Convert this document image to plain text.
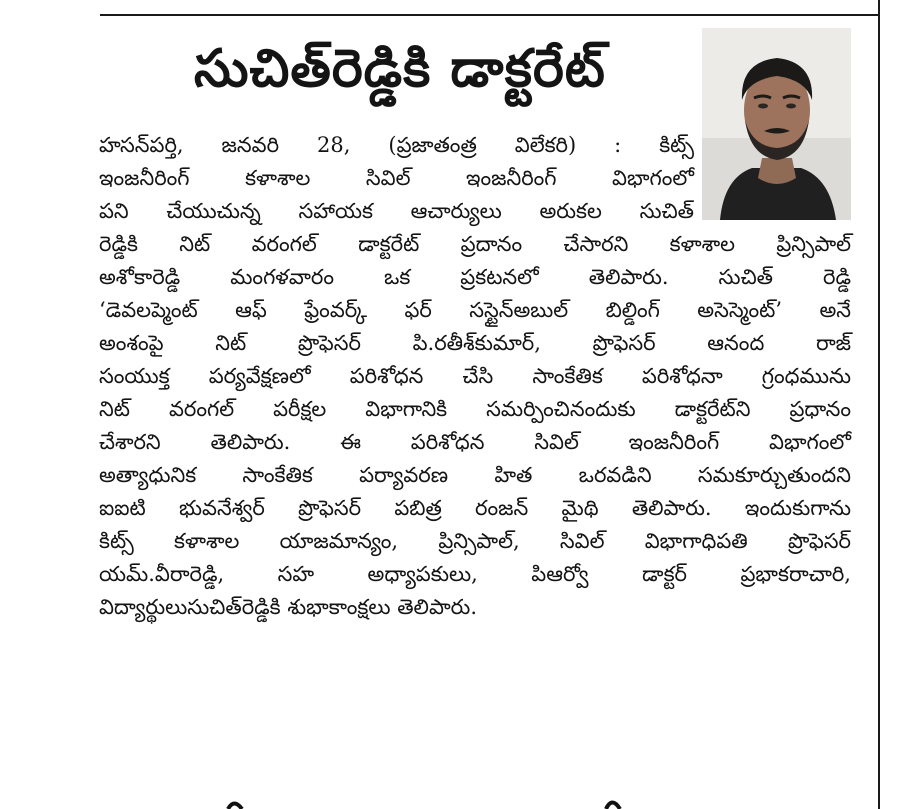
సుచిత్‌రెడ్డికి డాక్టరేట్
హసన్‌పర్తి, జనవరి 28, (ప్రజాతంత్ర విలేకరి) : కిట్స్
ఇంజనీరింగ్ కళాశాల సివిల్ ఇంజనీరింగ్ విభాగంలో
పని చేయుచున్న సహాయక ఆచార్యులు అరుకల సుచిత్
రెడ్డికి నిట్ వరంగల్ డాక్టరేట్ ప్రదానం చేసారని కళాశాల ప్రిన్సిపాల్
అశోకారెడ్డి మంగళవారం ఒక ప్రకటనలో తెలిపారు. సుచిత్ రెడ్డి
‘డెవలప్మెంట్ ఆఫ్ ఫ్రేంవర్క్ ఫర్ సస్టైన్‌అబుల్ బిల్డింగ్ అసెస్మెంట్’ అనే
అంశంపై నిట్ ప్రొఫెసర్ పి.రతీశ్‌కుమార్, ప్రొఫెసర్ ఆనంద రాజ్
సంయుక్త పర్యవేక్షణలో పరిశోధన చేసి సాంకేతిక పరిశోధనా గ్రంధమును
నిట్ వరంగల్ పరీక్షల విభాగానికి సమర్పించినందుకు డాక్టరేట్‌ని ప్రధానం
చేశారని తెలిపారు. ఈ పరిశోధన సివిల్ ఇంజనీరింగ్ విభాగంలో
అత్యాధునిక సాంకేతిక పర్యావరణ హిత ఒరవడిని సమకూర్చుతుందని
ఐఐటి భువనేశ్వర్ ప్రొఫెసర్ పబిత్ర రంజన్ మైథి తెలిపారు. ఇందుకుగాను
కిట్స్ కళాశాల యాజమాన్యం, ప్రిన్సిపాల్, సివిల్ విభాగాధిపతి ప్రొఫెసర్
యమ్.వీరారెడ్డి, సహ అధ్యాపకులు, పిఆర్వో డాక్టర్ ప్రభాకరాచారి,
విద్యార్థులుసుచిత్‌రెడ్డికి శుభాకాంక్షలు తెలిపారు.
